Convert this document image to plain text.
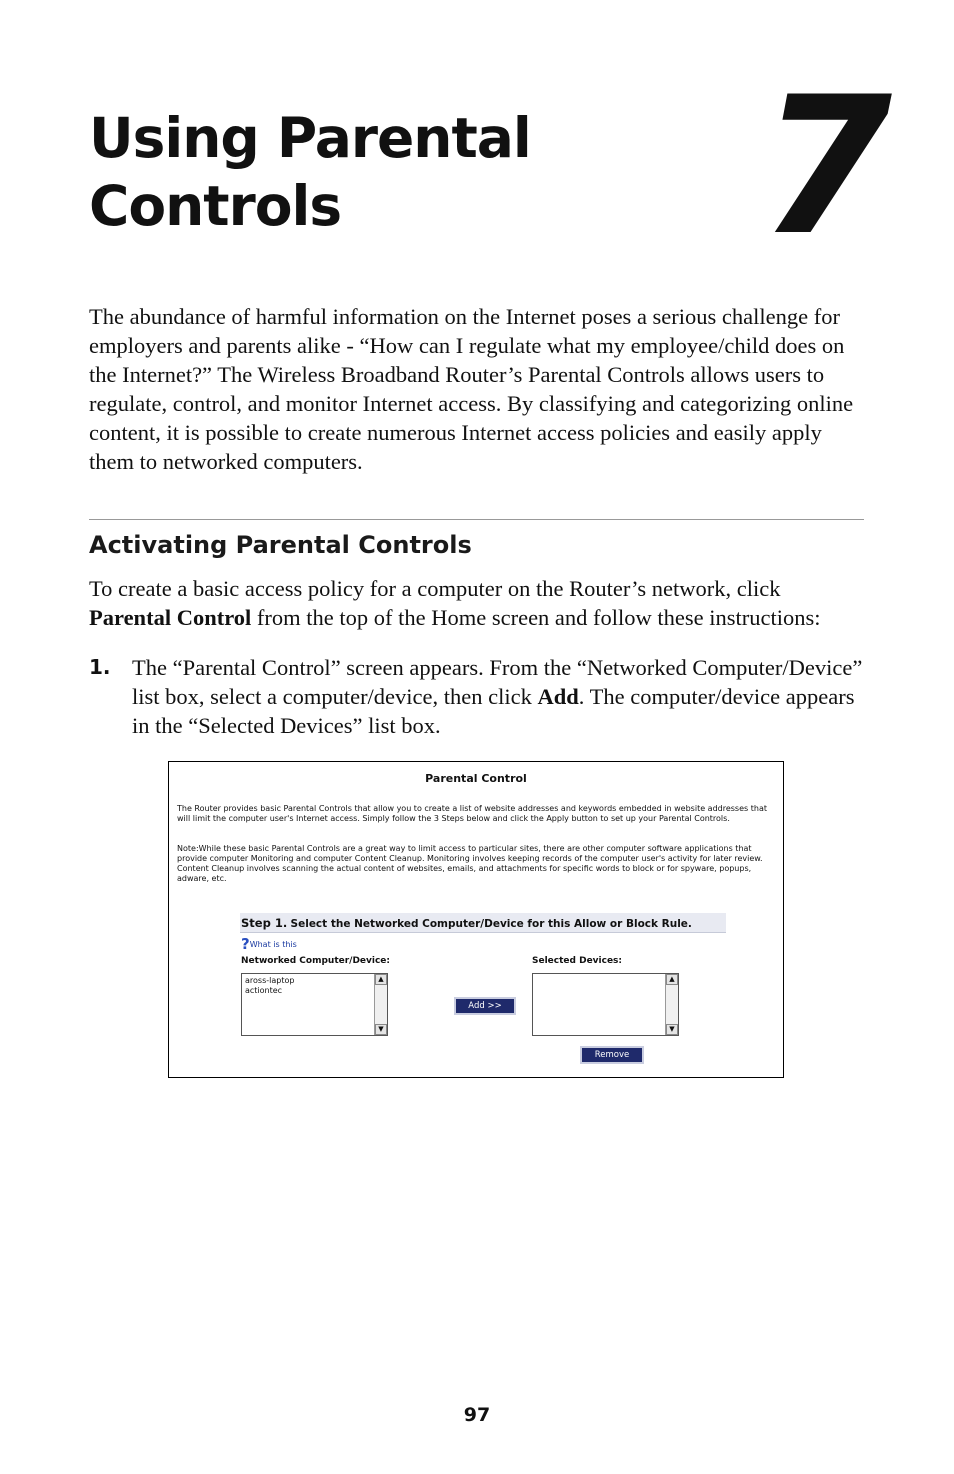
Using Parental
Controls	7

The abundance of harmful information on the Internet poses a serious challenge for employers and parents alike - “How can I regulate what my employee/child does on the Internet?” The Wireless Broadband Router’s Parental Controls allows users to regulate, control, and monitor Internet access. By classifying and categorizing online content, it is possible to create numerous Internet access policies and easily apply them to networked computers.

Activating Parental Controls

To create a basic access policy for a computer on the Router’s network, click Parental Control from the top of the Home screen and follow these instructions:

1. The “Parental Control” screen appears. From the “Networked Computer/Device” list box, select a computer/device, then click Add. The computer/device appears in the “Selected Devices” list box.

Parental Control

The Router provides basic Parental Controls that allow you to create a list of website addresses and keywords embedded in website addresses that will limit the computer user's Internet access. Simply follow the 3 Steps below and click the Apply button to set up your Parental Controls.

Note:While these basic Parental Controls are a great way to limit access to particular sites, there are other computer software applications that provide computer Monitoring and computer Content Cleanup. Monitoring involves keeping records of the computer user's activity for later review. Content Cleanup involves scanning the actual content of websites, emails, and attachments for specific words to block or for spyware, popups, adware, etc.

Step 1. Select the Networked Computer/Device for this Allow or Block Rule.
?What is this
Networked Computer/Device:	Selected Devices:
aross-laptop
actiontec
▲
▼
▲
▼
Add >>
Remove
97
